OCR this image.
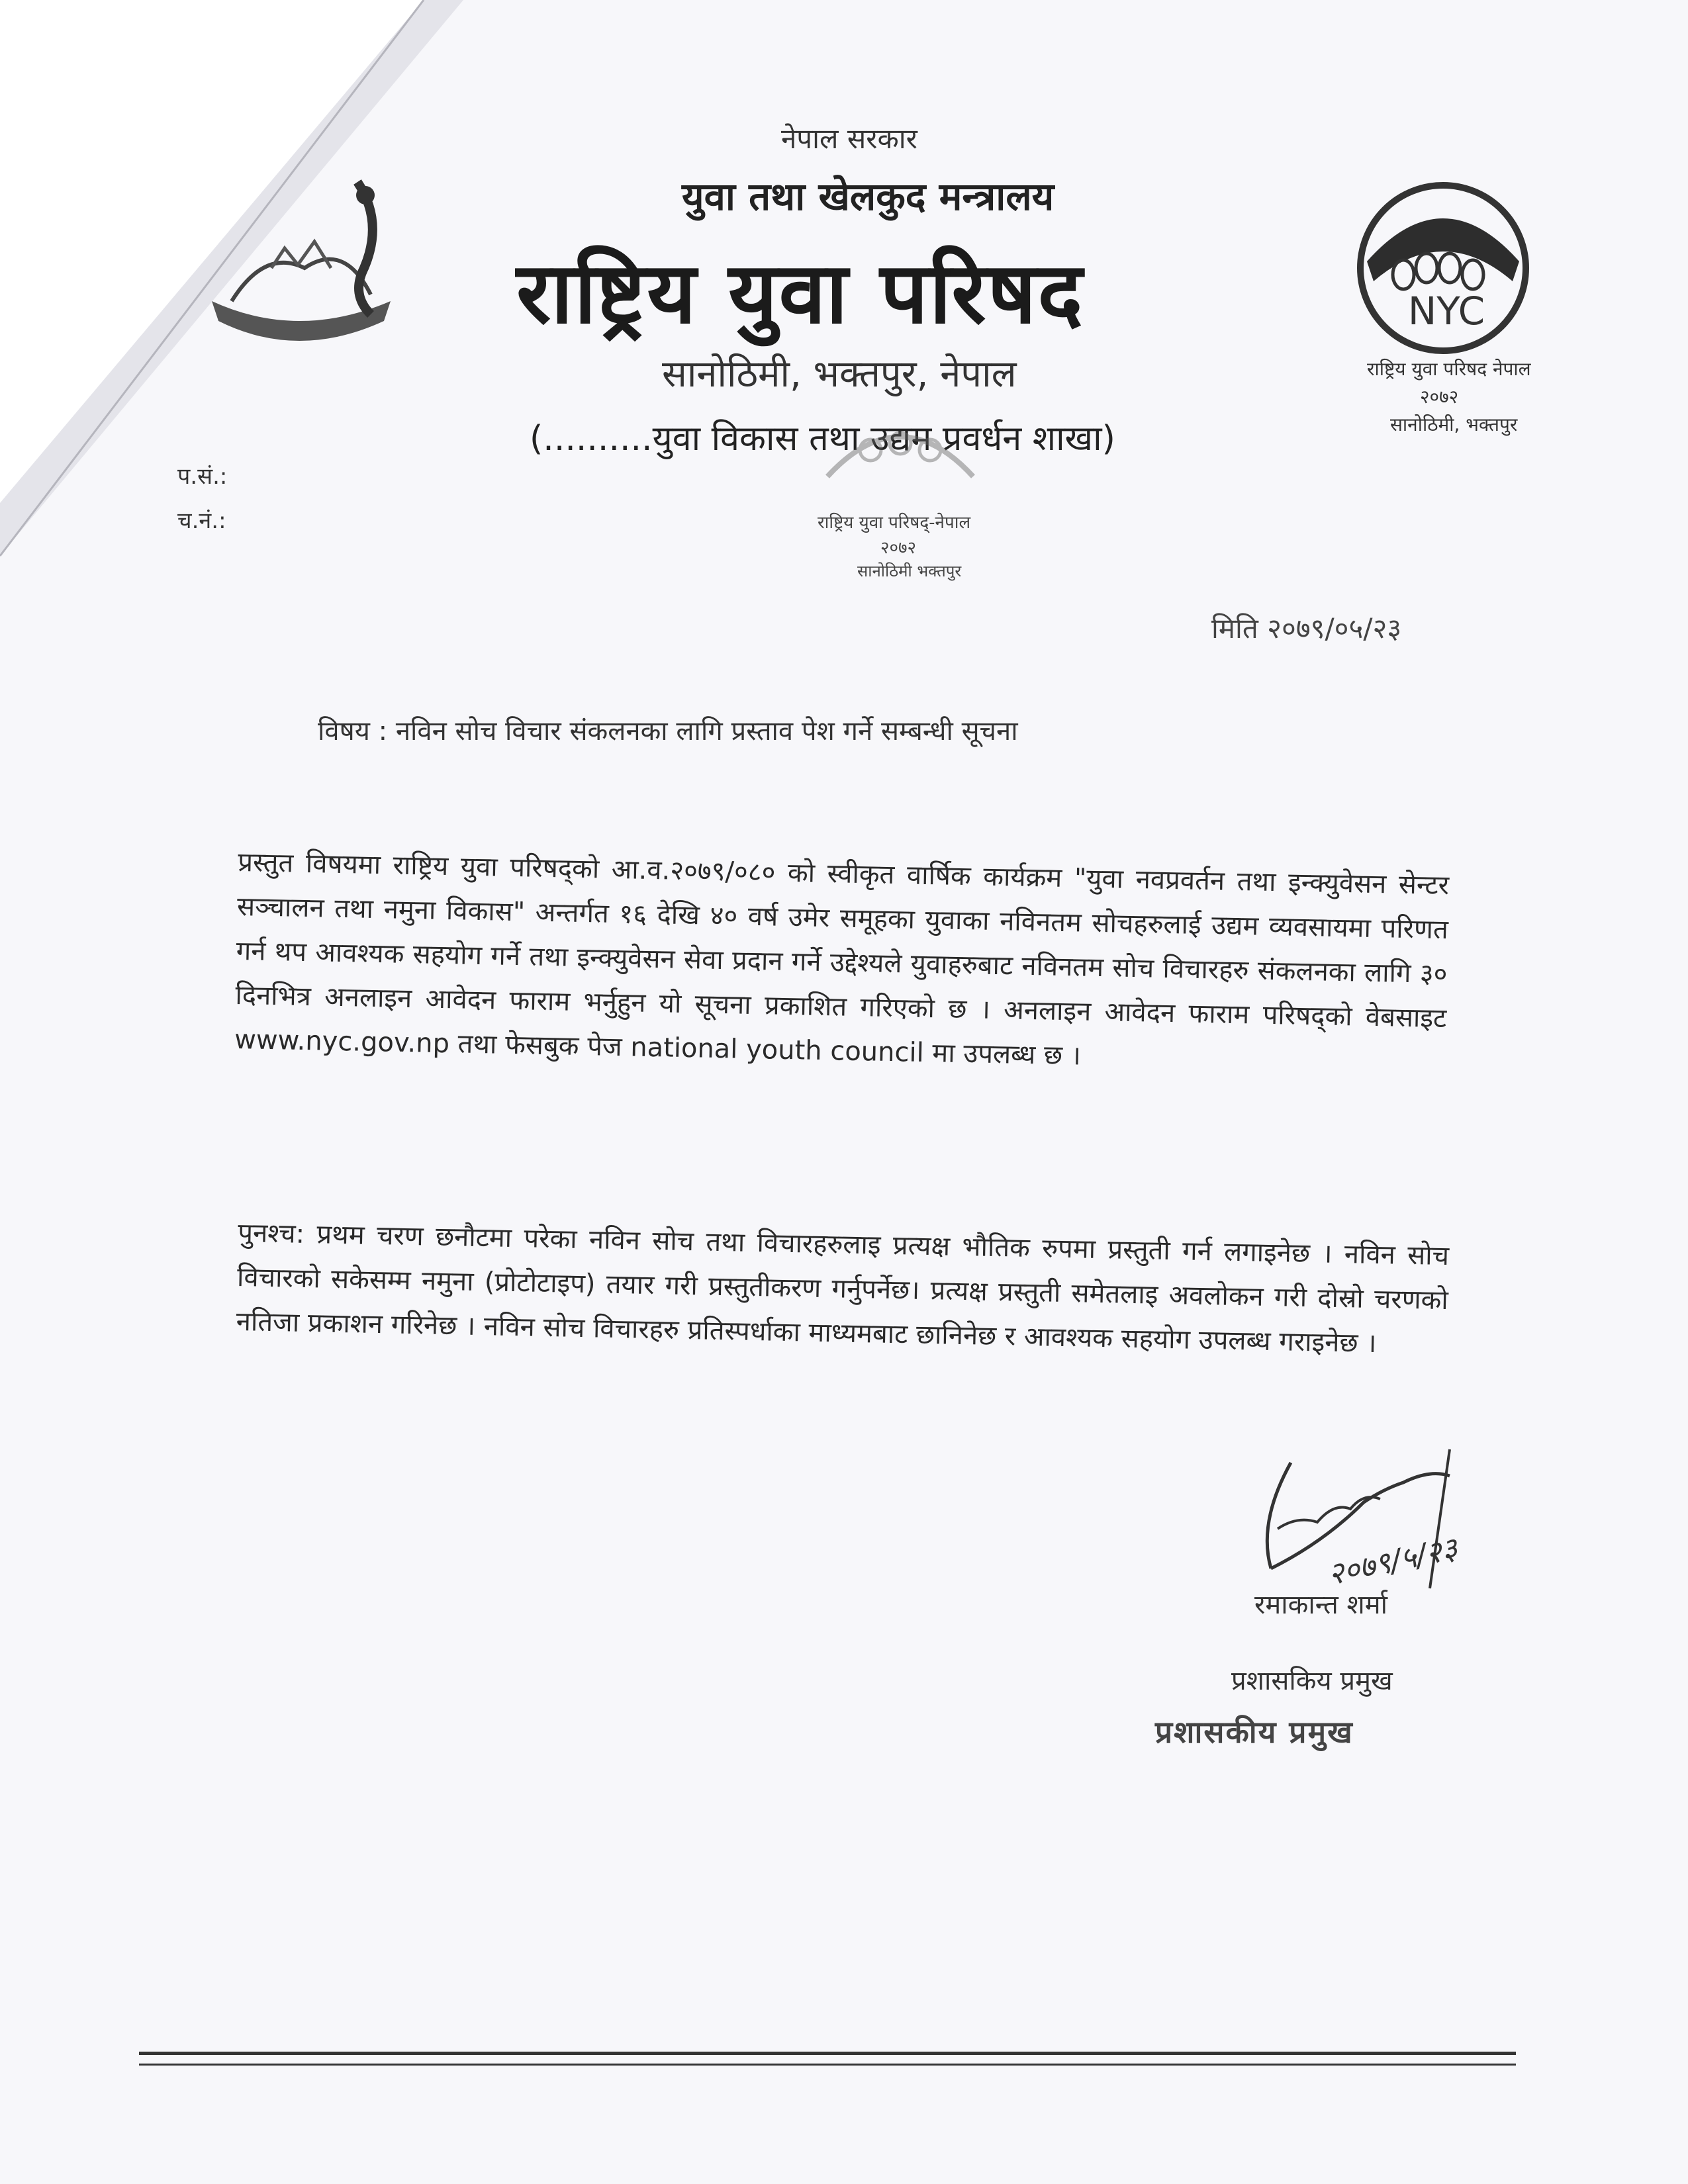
नेपाल सरकार
युवा तथा खेलकुद मन्त्रालय
राष्ट्रिय युवा परिषद
सानोठिमी, भक्तपुर, नेपाल
(..........युवा विकास तथा उद्यम प्रवर्धन शाखा)
NYC
राष्ट्रिय युवा परिषद नेपाल
२०७२
सानोठिमी, भक्तपुर
राष्ट्रिय युवा परिषद्-नेपाल
२०७२
सानोठिमी भक्तपुर
प.सं.:
च.नं.:
मिति २०७९/०५/२३
विषय : नविन सोच विचार संकलनका लागि प्रस्ताव पेश गर्ने सम्बन्धी सूचना
प्रस्तुत विषयमा राष्ट्रिय युवा परिषद्को आ.व.२०७९/०८० को स्वीकृत वार्षिक कार्यक्रम "युवा नवप्रवर्तन तथा इन्क्युवेसन सेन्टर सञ्चालन तथा नमुना विकास" अन्तर्गत १६ देखि ४० वर्ष उमेर समूहका युवाका नविनतम सोचहरुलाई उद्यम व्यवसायमा परिणत गर्न थप आवश्यक सहयोग गर्ने तथा इन्क्युवेसन सेवा प्रदान गर्ने उद्देश्यले युवाहरुबाट नविनतम सोच विचारहरु संकलनका लागि ३० दिनभित्र अनलाइन आवेदन फाराम भर्नुहुन यो सूचना प्रकाशित गरिएको छ । अनलाइन आवेदन फाराम परिषद्को वेबसाइट www.nyc.gov.np तथा फेसबुक पेज national youth council मा उपलब्ध छ ।
पुनश्च: प्रथम चरण छनौटमा परेका नविन सोच तथा विचारहरुलाइ प्रत्यक्ष भौतिक रुपमा प्रस्तुती गर्न लगाइनेछ । नविन सोच विचारको सकेसम्म नमुना (प्रोटोटाइप) तयार गरी प्रस्तुतीकरण गर्नुपर्नेछ। प्रत्यक्ष प्रस्तुती समेतलाइ अवलोकन गरी दोस्रो चरणको नतिजा प्रकाशन गरिनेछ । नविन सोच विचारहरु प्रतिस्पर्धाका माध्यमबाट छानिनेछ र आवश्यक सहयोग उपलब्ध गराइनेछ ।
२०७९/५/२३
रमाकान्त शर्मा
प्रशासकिय प्रमुख
प्रशासकीय प्रमुख
